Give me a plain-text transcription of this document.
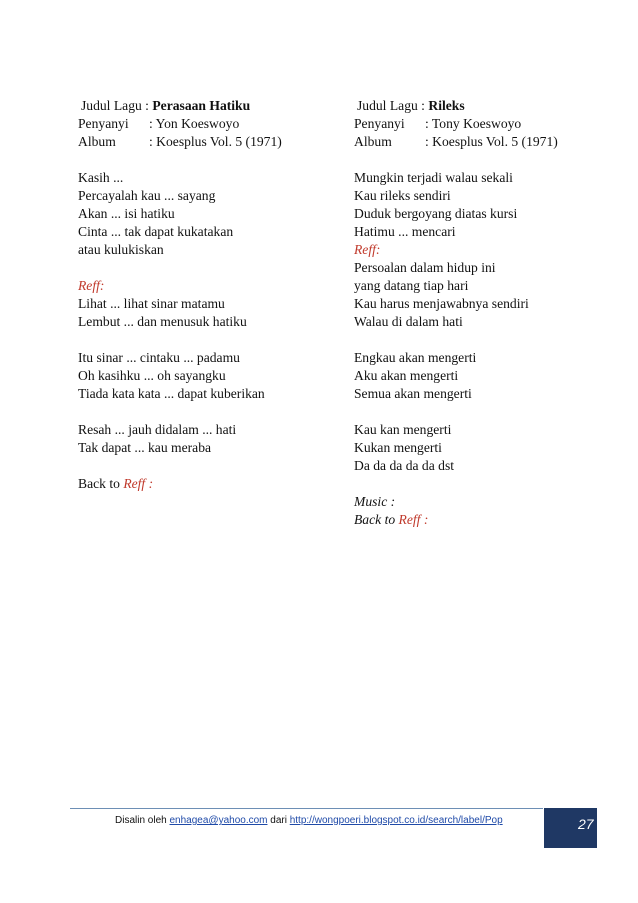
Judul Lagu : Perasaan Hatiku
Penyanyi	: Yon Koeswoyo
Album	: Koesplus Vol. 5 (1971)
Kasih ...
Percayalah kau ... sayang
Akan ... isi hatiku
Cinta ... tak dapat kukatakan
atau kulukiskan
Reff:
Lihat ... lihat sinar matamu
Lembut ... dan menusuk hatiku
Itu sinar ... cintaku ... padamu
Oh kasihku ... oh sayangku
Tiada kata kata ... dapat kuberikan
Resah ... jauh didalam ... hati
Tak dapat ... kau meraba
Back to Reff :
Judul Lagu : Rileks
Penyanyi	: Tony Koeswoyo
Album	: Koesplus Vol. 5 (1971)
Mungkin terjadi walau sekali
Kau rileks sendiri
Duduk bergoyang diatas kursi
Hatimu ... mencari
Reff:
Persoalan dalam hidup ini
yang datang tiap hari
Kau harus menjawabnya sendiri
Walau di dalam hati
Engkau akan mengerti
Aku akan mengerti
Semua akan mengerti
Kau kan mengerti
Kukan mengerti
Da da da da da dst
Music :
Back to Reff :
Disalin oleh enhagea@yahoo.com dari http://wongpoeri.blogspot.co.id/search/label/Pop	27
